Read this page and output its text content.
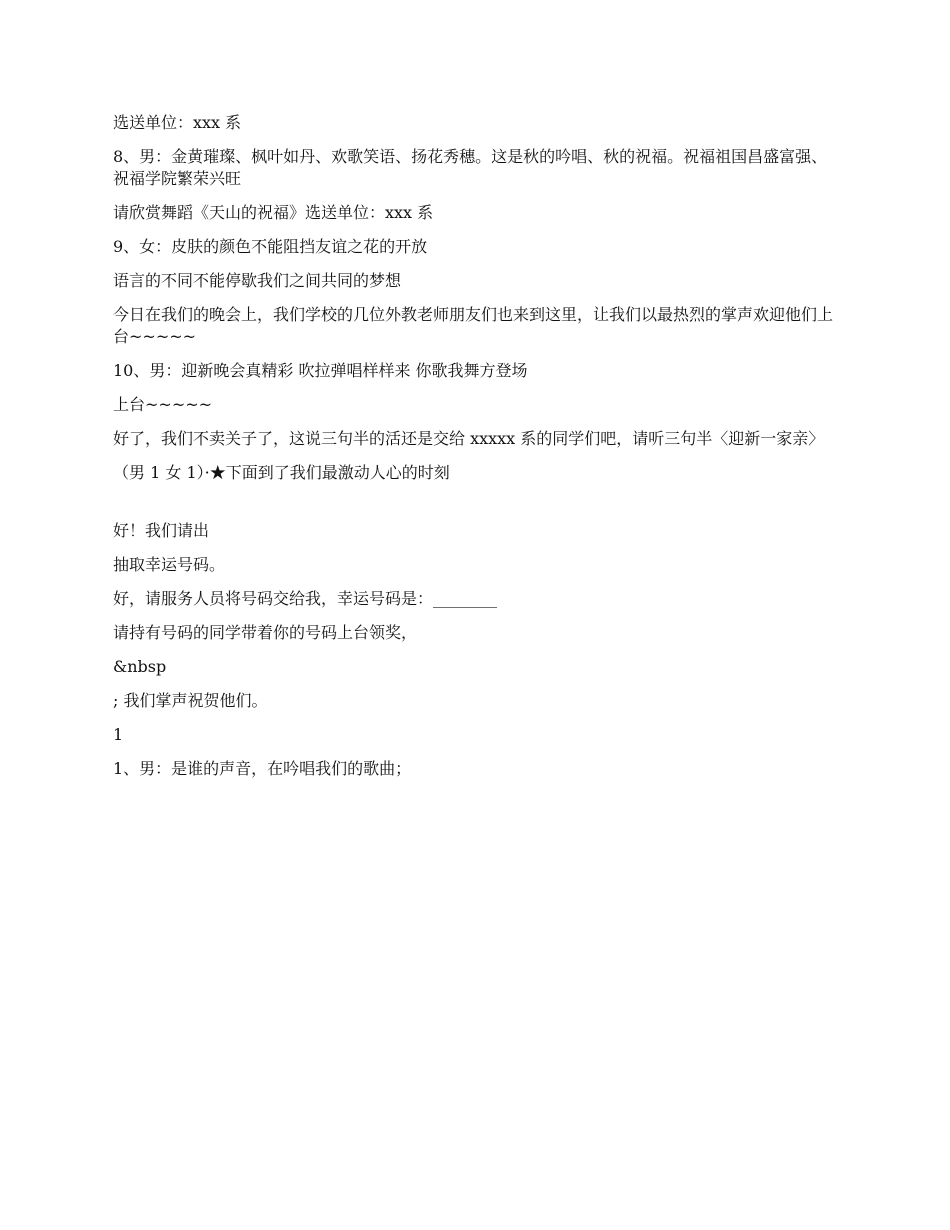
选送单位：xxx 系

8、男：金黄璀璨、枫叶如丹、欢歌笑语、扬花秀穗。这是秋的吟唱、秋的祝福。祝福祖国昌盛富强、祝福学院繁荣兴旺

请欣赏舞蹈《天山的祝福》选送单位：xxx 系

9、女：皮肤的颜色不能阻挡友谊之花的开放

语言的不同不能停歇我们之间共同的梦想

今日在我们的晚会上，我们学校的几位外教老师朋友们也来到这里，让我们以最热烈的掌声欢迎他们上台~~~~~

10、男：迎新晚会真精彩 吹拉弹唱样样来 你歌我舞方登场

上台~~~~~

好了，我们不卖关子了，这说三句半的活还是交给 xxxxx 系的同学们吧，请听三句半〈迎新一家亲〉

（男 1 女 1）·★下面到了我们最激动人心的时刻

好！我们请出

抽取幸运号码。

好，请服务人员将号码交给我，幸运号码是：________

请持有号码的同学带着你的号码上台领奖，

&nbsp

; 我们掌声祝贺他们。

1

1、男：是谁的声音，在吟唱我们的歌曲；
